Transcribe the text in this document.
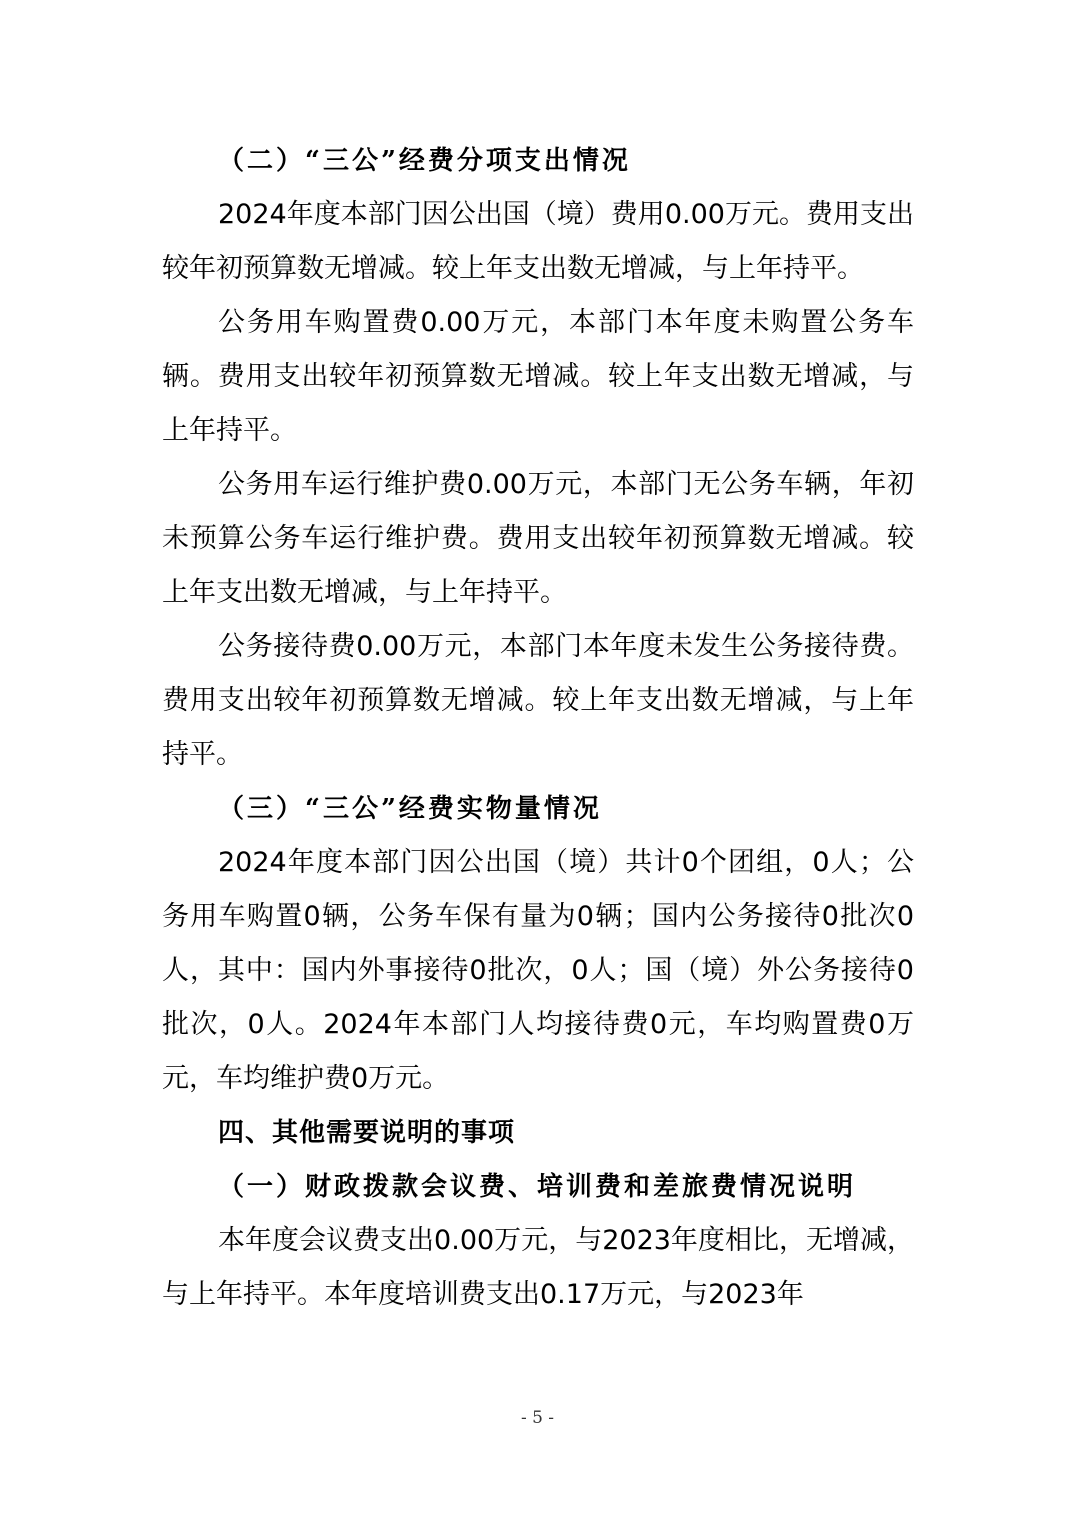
（二）“三公”经费分项支出情况

2024年度本部门因公出国（境）费用0.00万元。费用支出较年初预算数无增减。较上年支出数无增减，与上年持平。

公务用车购置费0.00万元，本部门本年度未购置公务车辆。费用支出较年初预算数无增减。较上年支出数无增减，与上年持平。

公务用车运行维护费0.00万元，本部门无公务车辆，年初未预算公务车运行维护费。费用支出较年初预算数无增减。较上年支出数无增减，与上年持平。

公务接待费0.00万元，本部门本年度未发生公务接待费。费用支出较年初预算数无增减。较上年支出数无增减，与上年持平。

（三）“三公”经费实物量情况

2024年度本部门因公出国（境）共计0个团组，0人；公务用车购置0辆，公务车保有量为0辆；国内公务接待0批次0人，其中：国内外事接待0批次，0人；国（境）外公务接待0批次，0人。2024年本部门人均接待费0元，车均购置费0万元，车均维护费0万元。

四、其他需要说明的事项
（一）财政拨款会议费、培训费和差旅费情况说明

本年度会议费支出0.00万元，与2023年度相比，无增减，与上年持平。本年度培训费支出0.17万元，与2023年

- 5 -
